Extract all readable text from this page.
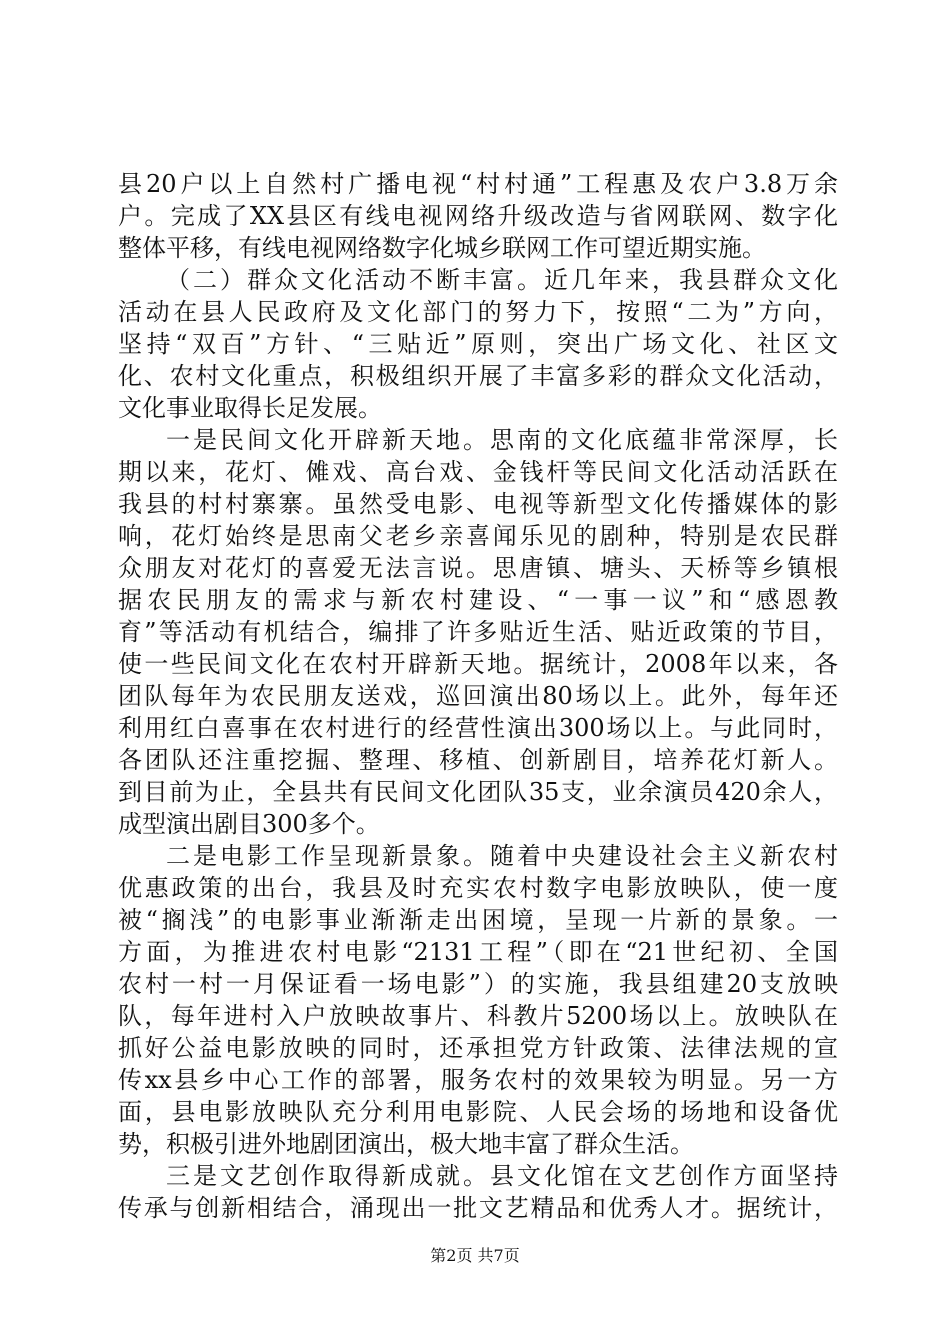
县20户以上自然村广播电视“村村通”工程惠及农户3.8万余
户。完成了XX县区有线电视网络升级改造与省网联网、数字化
整体平移，有线电视网络数字化城乡联网工作可望近期实施。
（二）群众文化活动不断丰富。近几年来，我县群众文化
活动在县人民政府及文化部门的努力下，按照“二为”方向，
坚持“双百”方针、“三贴近”原则，突出广场文化、社区文
化、农村文化重点，积极组织开展了丰富多彩的群众文化活动，
文化事业取得长足发展。
一是民间文化开辟新天地。思南的文化底蕴非常深厚，长
期以来，花灯、傩戏、高台戏、金钱杆等民间文化活动活跃在
我县的村村寨寨。虽然受电影、电视等新型文化传播媒体的影
响，花灯始终是思南父老乡亲喜闻乐见的剧种，特别是农民群
众朋友对花灯的喜爱无法言说。思唐镇、塘头、天桥等乡镇根
据农民朋友的需求与新农村建设、“一事一议”和“感恩教
育”等活动有机结合，编排了许多贴近生活、贴近政策的节目，
使一些民间文化在农村开辟新天地。据统计，2008年以来，各
团队每年为农民朋友送戏，巡回演出80场以上。此外，每年还
利用红白喜事在农村进行的经营性演出300场以上。与此同时，
各团队还注重挖掘、整理、移植、创新剧目，培养花灯新人。
到目前为止，全县共有民间文化团队35支，业余演员420余人，
成型演出剧目300多个。
二是电影工作呈现新景象。随着中央建设社会主义新农村
优惠政策的出台，我县及时充实农村数字电影放映队，使一度
被“搁浅”的电影事业渐渐走出困境，呈现一片新的景象。一
方面，为推进农村电影“2131工程”（即在“21世纪初、全国
农村一村一月保证看一场电影”）的实施，我县组建20支放映
队，每年进村入户放映故事片、科教片5200场以上。放映队在
抓好公益电影放映的同时，还承担党方针政策、法律法规的宣
传xx县乡中心工作的部署，服务农村的效果较为明显。另一方
面，县电影放映队充分利用电影院、人民会场的场地和设备优
势，积极引进外地剧团演出，极大地丰富了群众生活。
三是文艺创作取得新成就。县文化馆在文艺创作方面坚持
传承与创新相结合，涌现出一批文艺精品和优秀人才。据统计，
第2页 共7页
